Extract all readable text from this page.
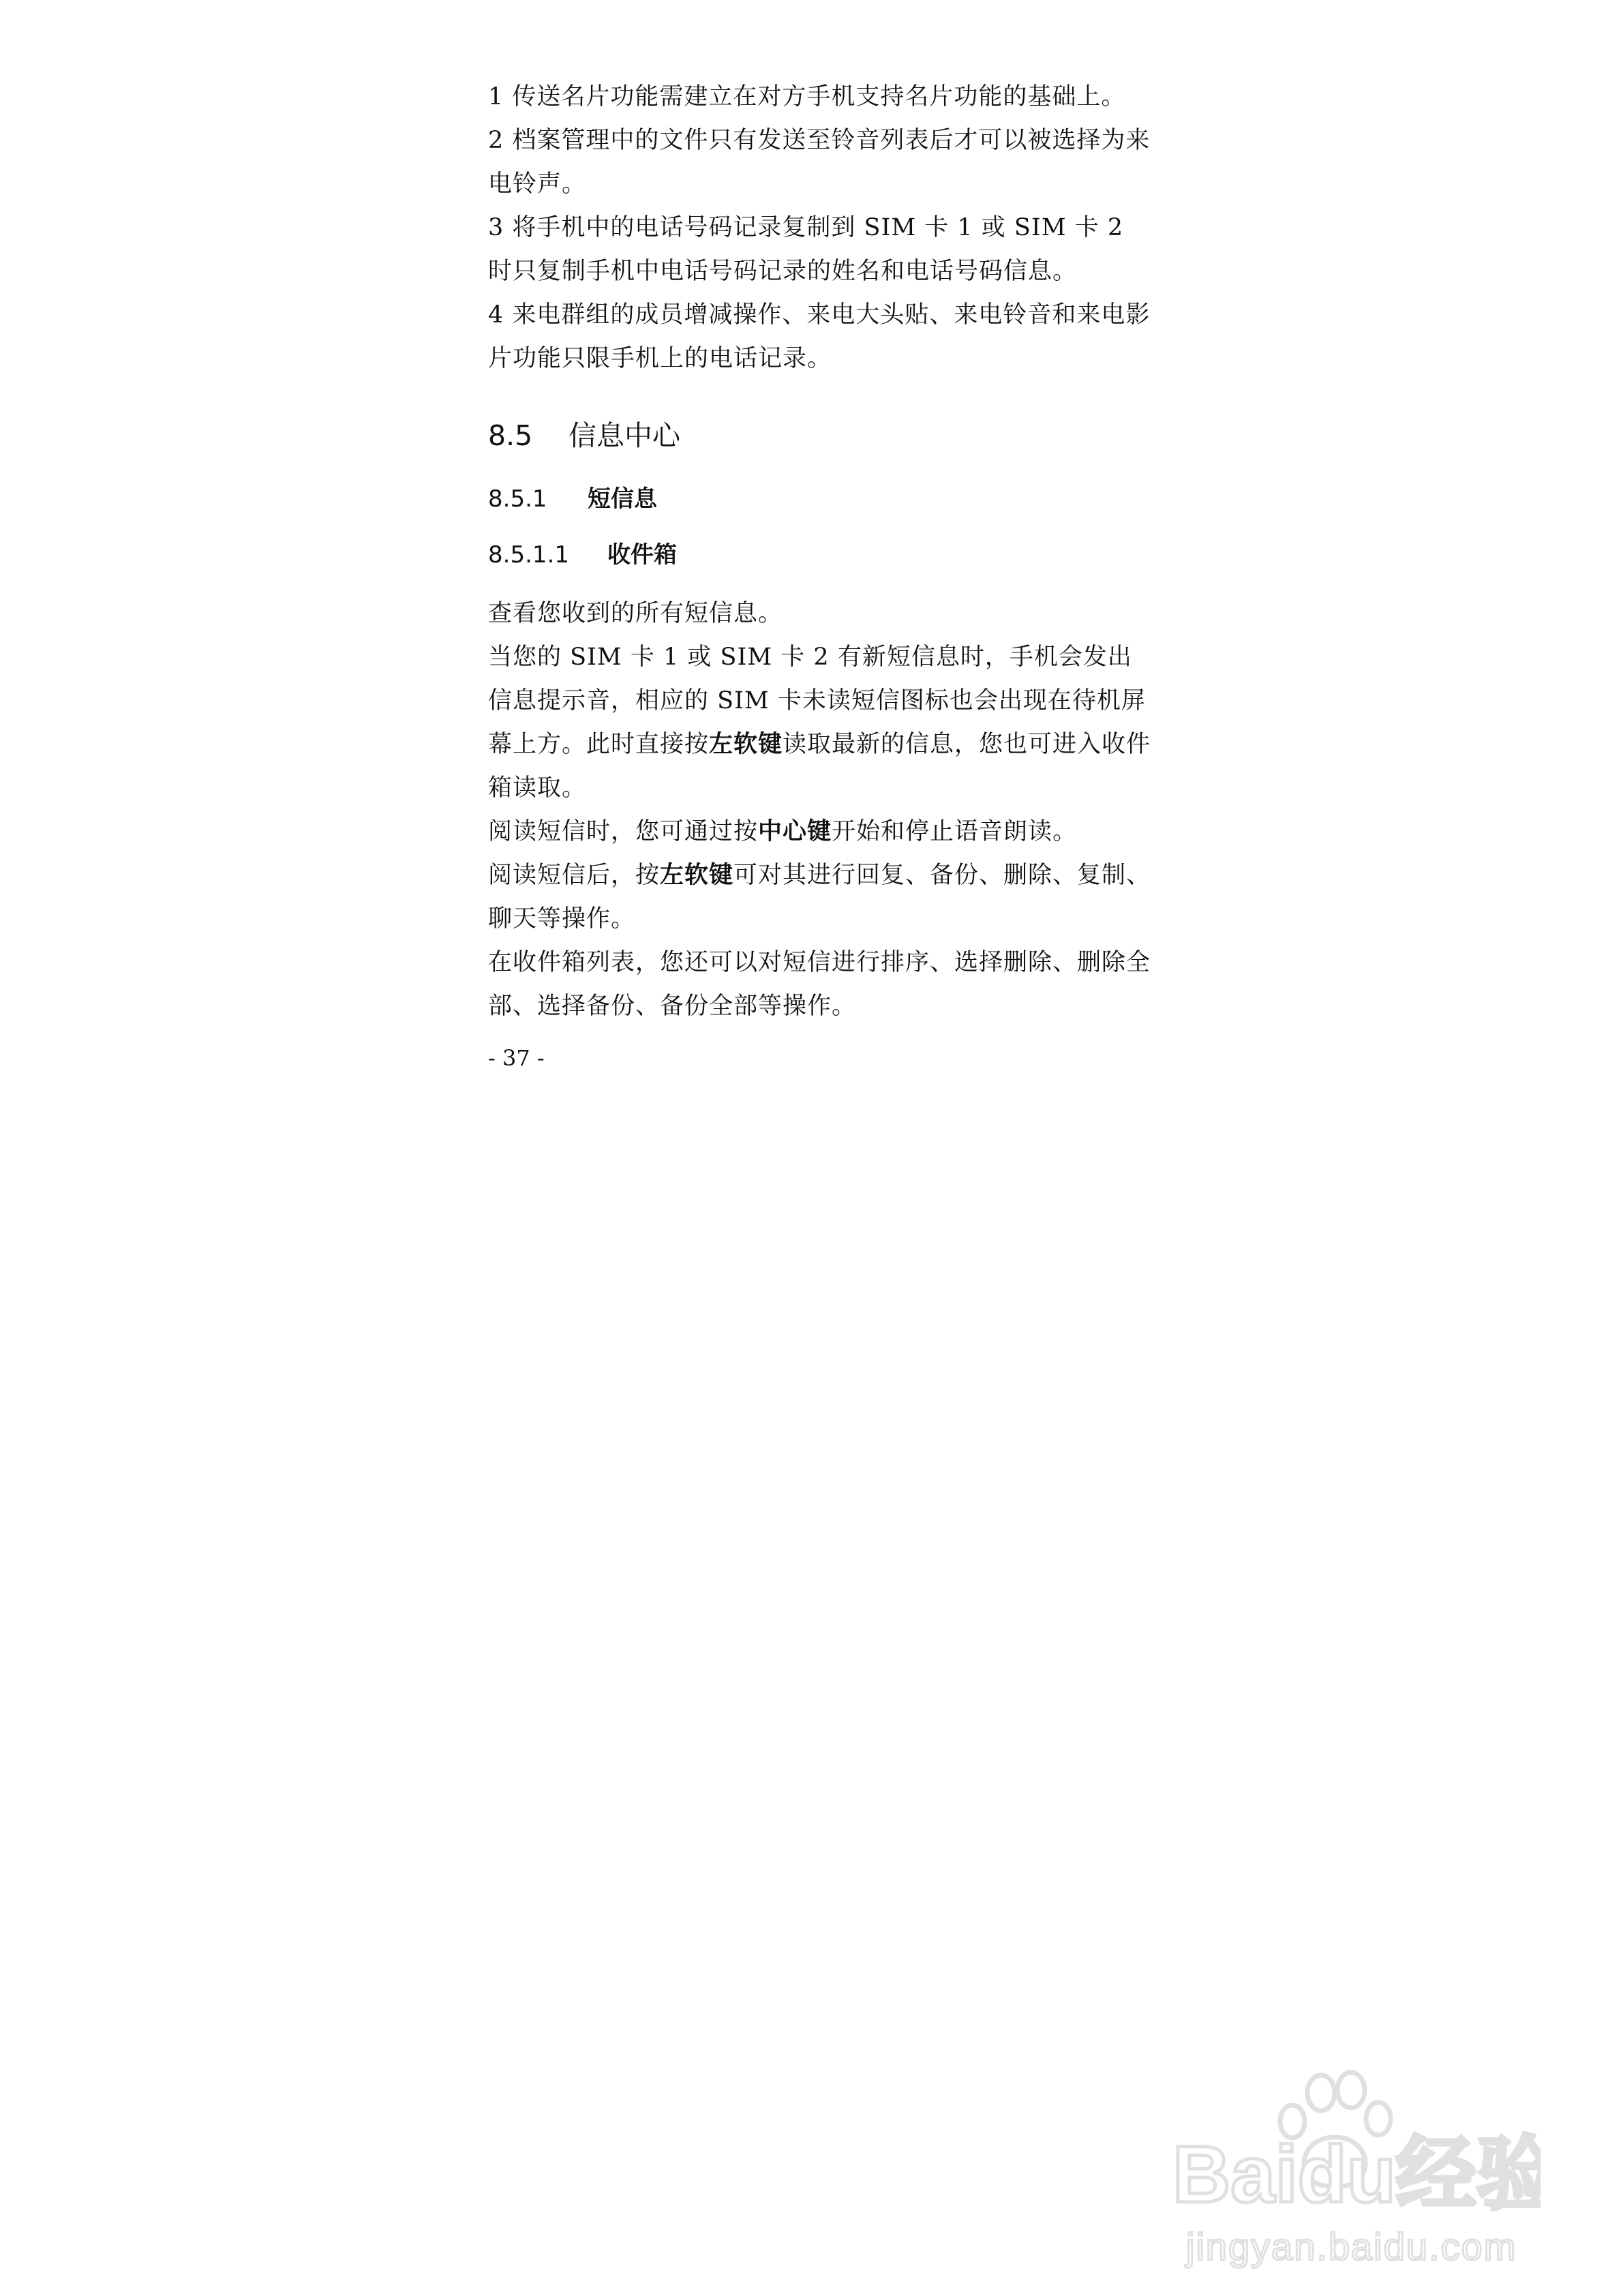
1 传送名片功能需建立在对方手机支持名片功能的基础上。

2 档案管理中的文件只有发送至铃音列表后才可以被选择为来电铃声。

3 将手机中的电话号码记录复制到 SIM 卡 1 或 SIM 卡 2 时只复制手机中电话号码记录的姓名和电话号码信息。

4 来电群组的成员增减操作、来电大头贴、来电铃音和来电影片功能只限手机上的电话记录。

8.5 信息中心
8.5.1 短信息
8.5.1.1 收件箱

查看您收到的所有短信息。

当您的 SIM 卡 1 或 SIM 卡 2 有新短信息时，手机会发出信息提示音，相应的 SIM 卡未读短信图标也会出现在待机屏幕上方。此时直接按左软键读取最新的信息，您也可进入收件箱读取。

阅读短信时，您可通过按中心键开始和停止语音朗读。

阅读短信后，按左软键可对其进行回复、备份、删除、复制、聊天等操作。

在收件箱列表，您还可以对短信进行排序、选择删除、删除全部、选择备份、备份全部等操作。

- 37 -
Baidu经验
jingyan.baidu.com
